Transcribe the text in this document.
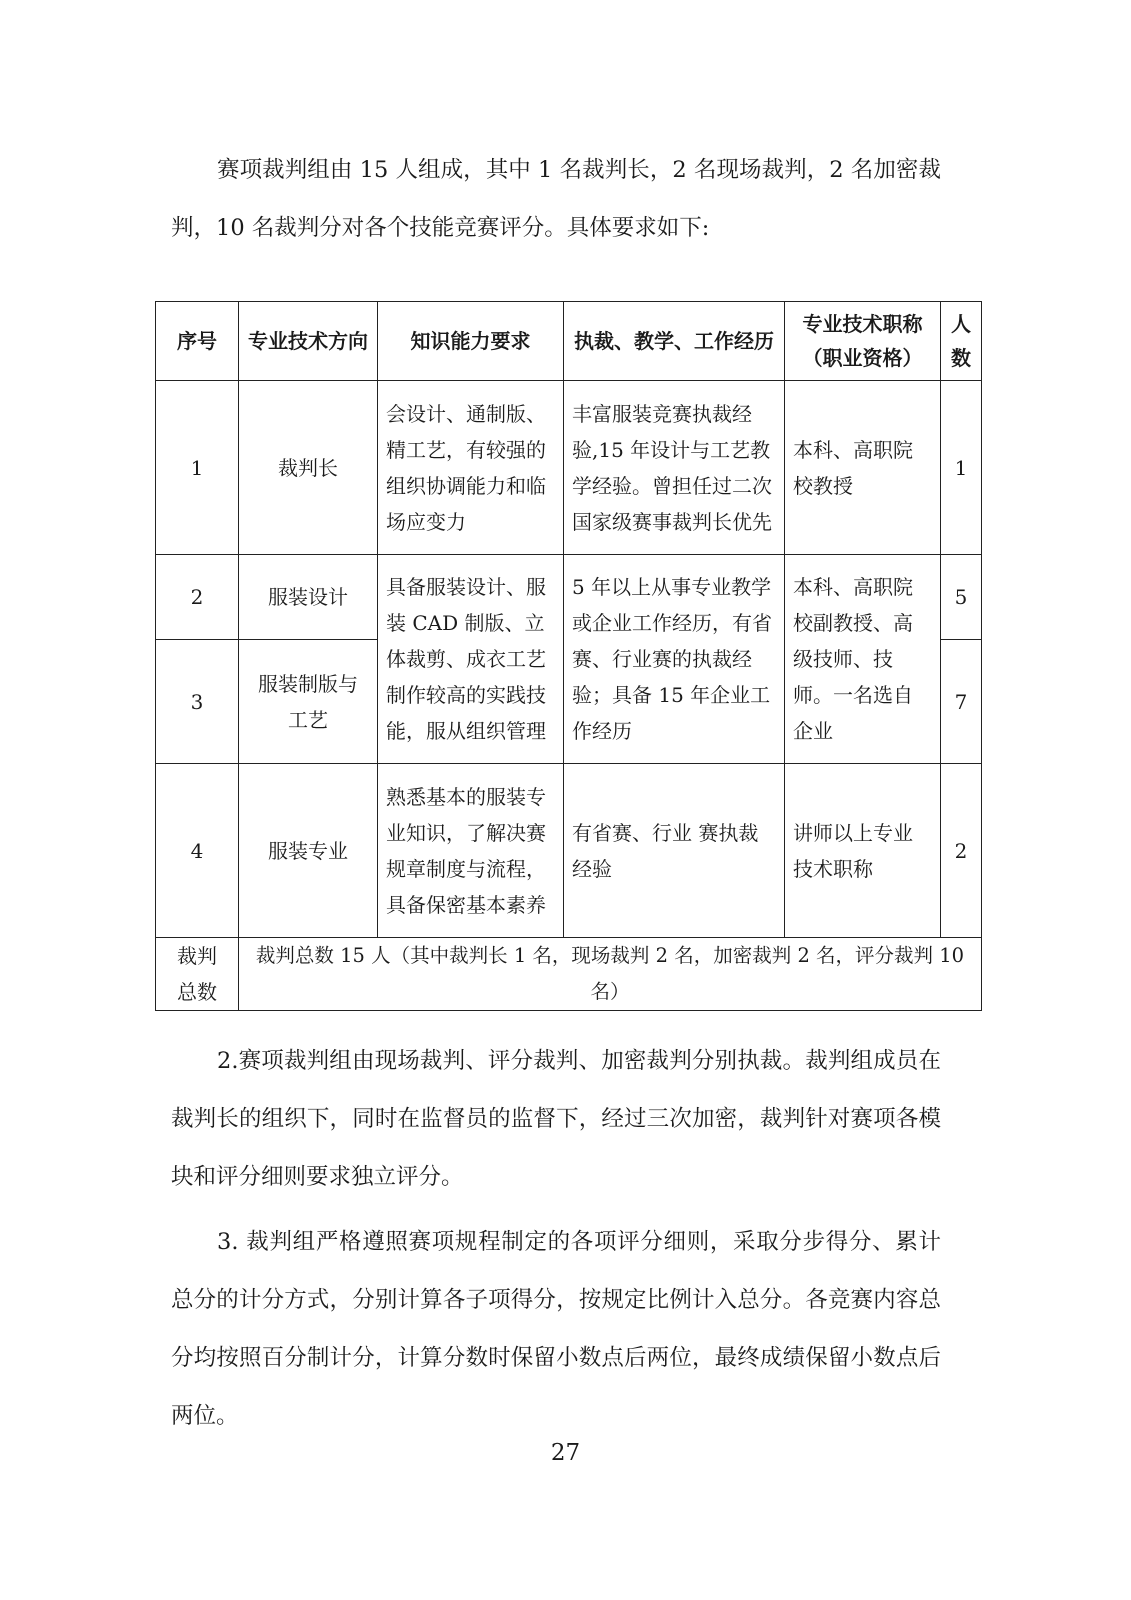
赛项裁判组由 15 人组成，其中 1 名裁判长，2 名现场裁判，2 名加密裁判，10 名裁判分对各个技能竞赛评分。具体要求如下:

序号	专业技术方向	知识能力要求	执裁、教学、工作经历	专业技术职称（职业资格）	人数
1	裁判长	会设计、通制版、精工艺，有较强的组织协调能力和临场应变力	丰富服装竞赛执裁经验,15 年设计与工艺教学经验。曾担任过二次国家级赛事裁判长优先	本科、高职院校教授	1
2	服装设计	具备服装设计、服装 CAD 制版、立体裁剪、成衣工艺制作较高的实践技能，服从组织管理	5 年以上从事专业教学或企业工作经历，有省赛、行业赛的执裁经验；具备 15 年企业工作经历	本科、高职院校副教授、高级技师、技师。一名选自企业	5
3	服装制版与工艺				7
4	服装专业	熟悉基本的服装专业知识，了解决赛规章制度与流程，具备保密基本素养	有省赛、行业 赛执裁经验	讲师以上专业技术职称	2
裁判总数	裁判总数 15 人（其中裁判长 1 名，现场裁判 2 名，加密裁判 2 名，评分裁判 10 名）				

2.赛项裁判组由现场裁判、评分裁判、加密裁判分别执裁。裁判组成员在裁判长的组织下，同时在监督员的监督下，经过三次加密，裁判针对赛项各模块和评分细则要求独立评分。

3. 裁判组严格遵照赛项规程制定的各项评分细则，采取分步得分、累计总分的计分方式，分别计算各子项得分，按规定比例计入总分。各竞赛内容总分均按照百分制计分，计算分数时保留小数点后两位，最终成绩保留小数点后两位。

27
